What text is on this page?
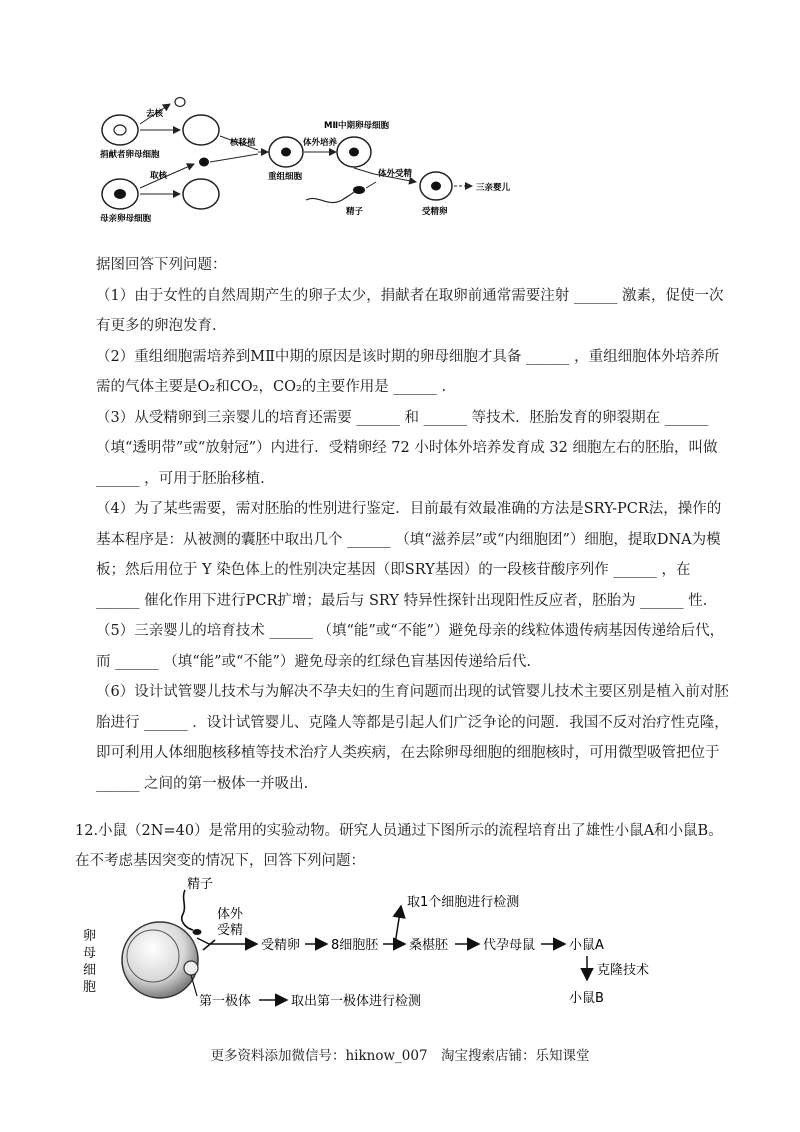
捐献者卵母细胞
母亲卵母细胞
去核
取核
核移植
重组细胞
体外培养
MⅡ中期卵母细胞
体外受精
精子	受精卵
三亲婴儿

据图回答下列问题：

（1）由于女性的自然周期产生的卵子太少，捐献者在取卵前通常需要注射 ______ 激素，促使一次有更多的卵泡发育.

（2）重组细胞需培养到MⅡ中期的原因是该时期的卵母细胞才具备 ______ ，重组细胞体外培养所需的气体主要是O₂和CO₂，CO₂的主要作用是 ______ .

（3）从受精卵到三亲婴儿的培育还需要 ______ 和 ______ 等技术．胚胎发育的卵裂期在 ______ （填“透明带”或“放射冠”）内进行．受精卵经 72 小时体外培养发育成 32 细胞左右的胚胎，叫做 ______ ，可用于胚胎移植.

（4）为了某些需要，需对胚胎的性别进行鉴定．目前最有效最准确的方法是SRY-PCR法，操作的基本程序是：从被测的囊胚中取出几个 ______ （填“滋养层”或“内细胞团”）细胞，提取DNA为模板；然后用位于 Y 染色体上的性别决定基因（即SRY基因）的一段核苷酸序列作 ______ ，在 ______ 催化作用下进行PCR扩增；最后与 SRY 特异性探针出现阳性反应者，胚胎为 ______ 性.

（5）三亲婴儿的培育技术 ______ （填“能”或“不能”）避免母亲的线粒体遗传病基因传递给后代，而 ______ （填“能”或“不能”）避免母亲的红绿色盲基因传递给后代.

（6）设计试管婴儿技术与为解决不孕夫妇的生育问题而出现的试管婴儿技术主要区别是植入前对胚胎进行 ______ ．设计试管婴儿、克隆人等都是引起人们广泛争论的问题．我国不反对治疗性克隆，即可利用人体细胞核移植等技术治疗人类疾病，在去除卵母细胞的细胞核时，可用微型吸管把位于 ______ 之间的第一极体一并吸出.

12.小鼠（2N=40）是常用的实验动物。研究人员通过下图所示的流程培育出了雄性小鼠A和小鼠B。在不考虑基因突变的情况下，回答下列问题：

卵
母
细
胞
精子
体外
受精
受精卵 8细胞胚
取1个细胞进行检测
桑椹胚	代孕母鼠	小鼠A
克隆技术
小鼠B
第一极体	取出第一极体进行检测
更多资料添加微信号：hiknow_007　淘宝搜索店铺：乐知课堂
